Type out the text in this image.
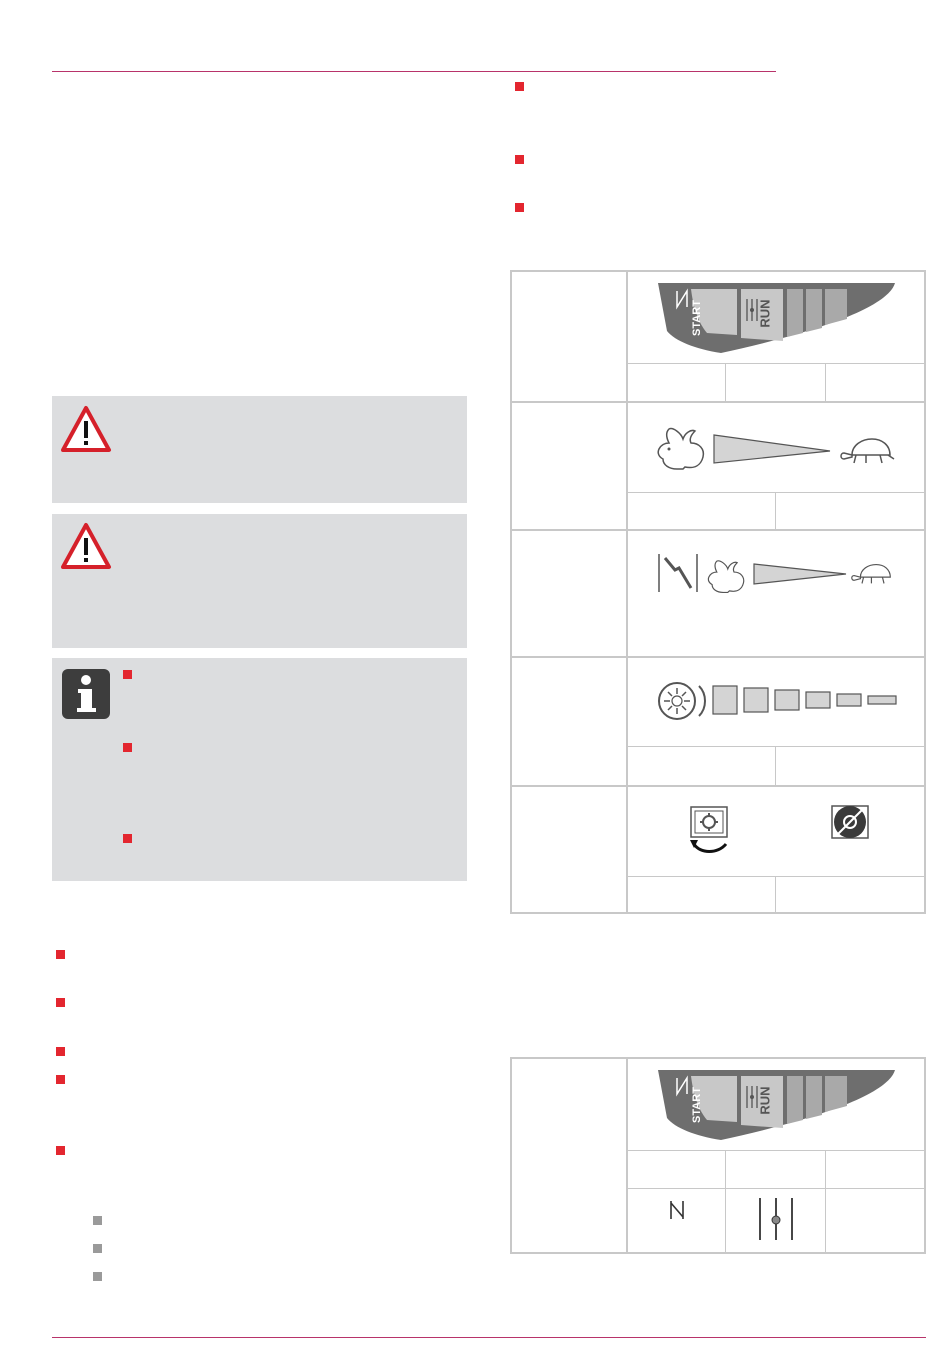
START	RUN
START	RUN
